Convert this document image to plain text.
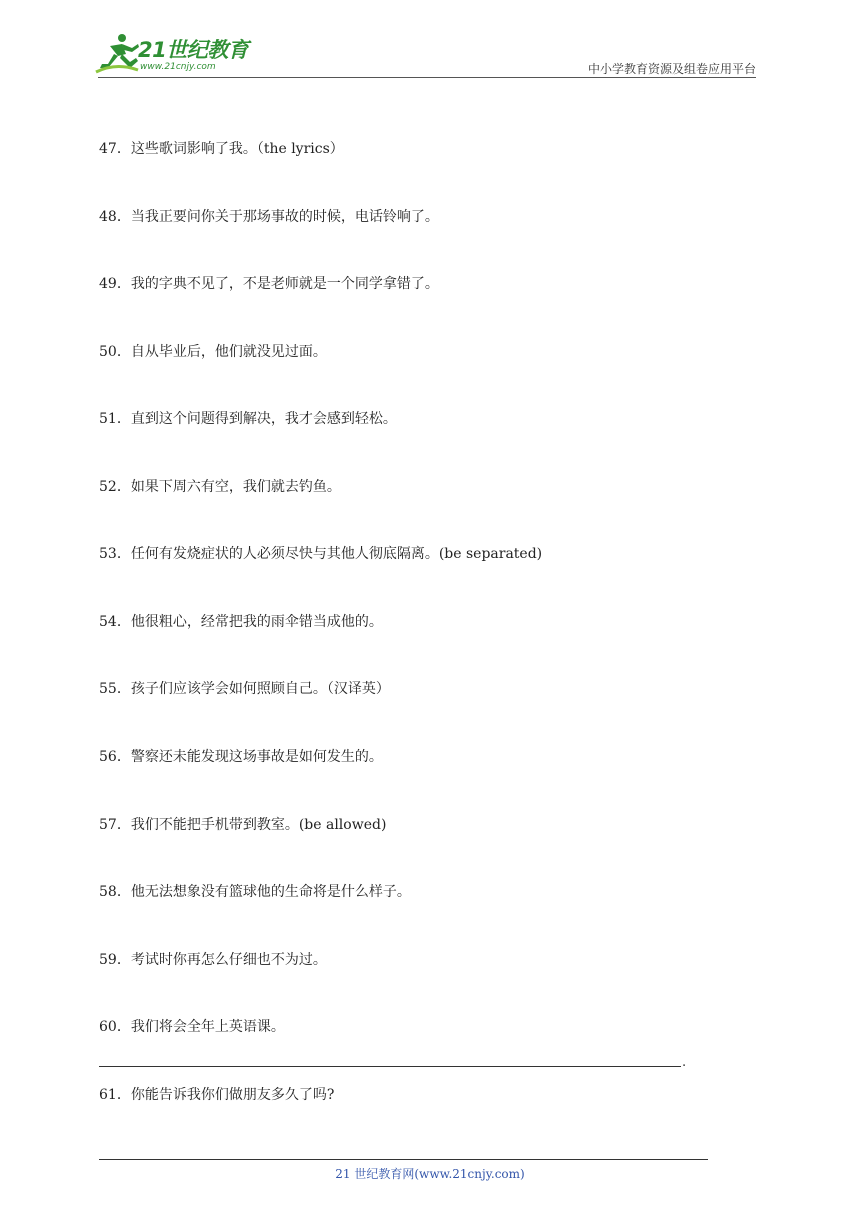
21世纪教育
www.21cnjy.com	中小学教育资源及组卷应用平台
47．这些歌词影响了我。（the lyrics）
48．当我正要问你关于那场事故的时候，电话铃响了。
49．我的字典不见了，不是老师就是一个同学拿错了。
50．自从毕业后，他们就没见过面。
51．直到这个问题得到解决，我才会感到轻松。
52．如果下周六有空，我们就去钓鱼。
53．任何有发烧症状的人必须尽快与其他人彻底隔离。(be separated)
54．他很粗心，经常把我的雨伞错当成他的。
55．孩子们应该学会如何照顾自己。（汉译英）
56．警察还未能发现这场事故是如何发生的。
57．我们不能把手机带到教室。(be allowed)
58．他无法想象没有篮球他的生命将是什么样子。
59．考试时你再怎么仔细也不为过。
60．我们将会全年上英语课。
.
61．你能告诉我你们做朋友多久了吗?
21 世纪教育网(www.21cnjy.com)
